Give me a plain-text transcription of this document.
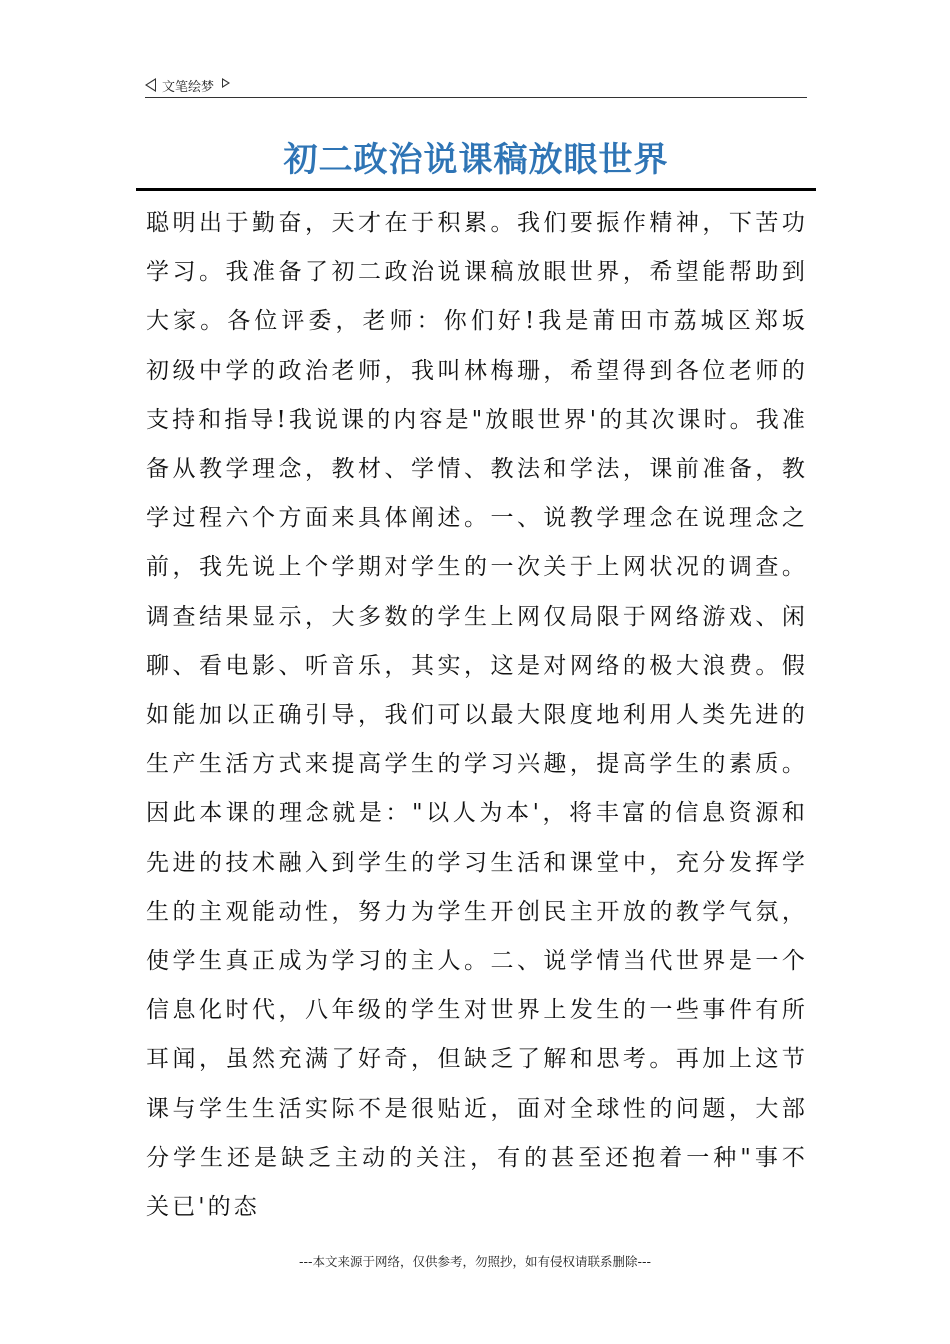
文笔绘梦
初二政治说课稿放眼世界

聪明出于勤奋，天才在于积累。我们要振作精神，下苦功学习。我准备了初二政治说课稿放眼世界，希望能帮助到大家。各位评委，老师：你们好!我是莆田市荔城区郑坂初级中学的政治老师，我叫林梅珊，希望得到各位老师的支持和指导!我说课的内容是"放眼世界'的其次课时。我准备从教学理念，教材、学情、教法和学法，课前准备，教学过程六个方面来具体阐述。一、说教学理念在说理念之前，我先说上个学期对学生的一次关于上网状况的调查。调查结果显示，大多数的学生上网仅局限于网络游戏、闲聊、看电影、听音乐，其实，这是对网络的极大浪费。假如能加以正确引导，我们可以最大限度地利用人类先进的生产生活方式来提高学生的学习兴趣，提高学生的素质。因此本课的理念就是："以人为本'，将丰富的信息资源和先进的技术融入到学生的学习生活和课堂中，充分发挥学生的主观能动性，努力为学生开创民主开放的教学气氛，使学生真正成为学习的主人。二、说学情当代世界是一个信息化时代，八年级的学生对世界上发生的一些事件有所耳闻，虽然充满了好奇，但缺乏了解和思考。再加上这节课与学生生活实际不是很贴近，面对全球性的问题，大部分学生还是缺乏主动的关注，有的甚至还抱着一种"事不关已'的态

---本文来源于网络，仅供参考，勿照抄，如有侵权请联系删除---
